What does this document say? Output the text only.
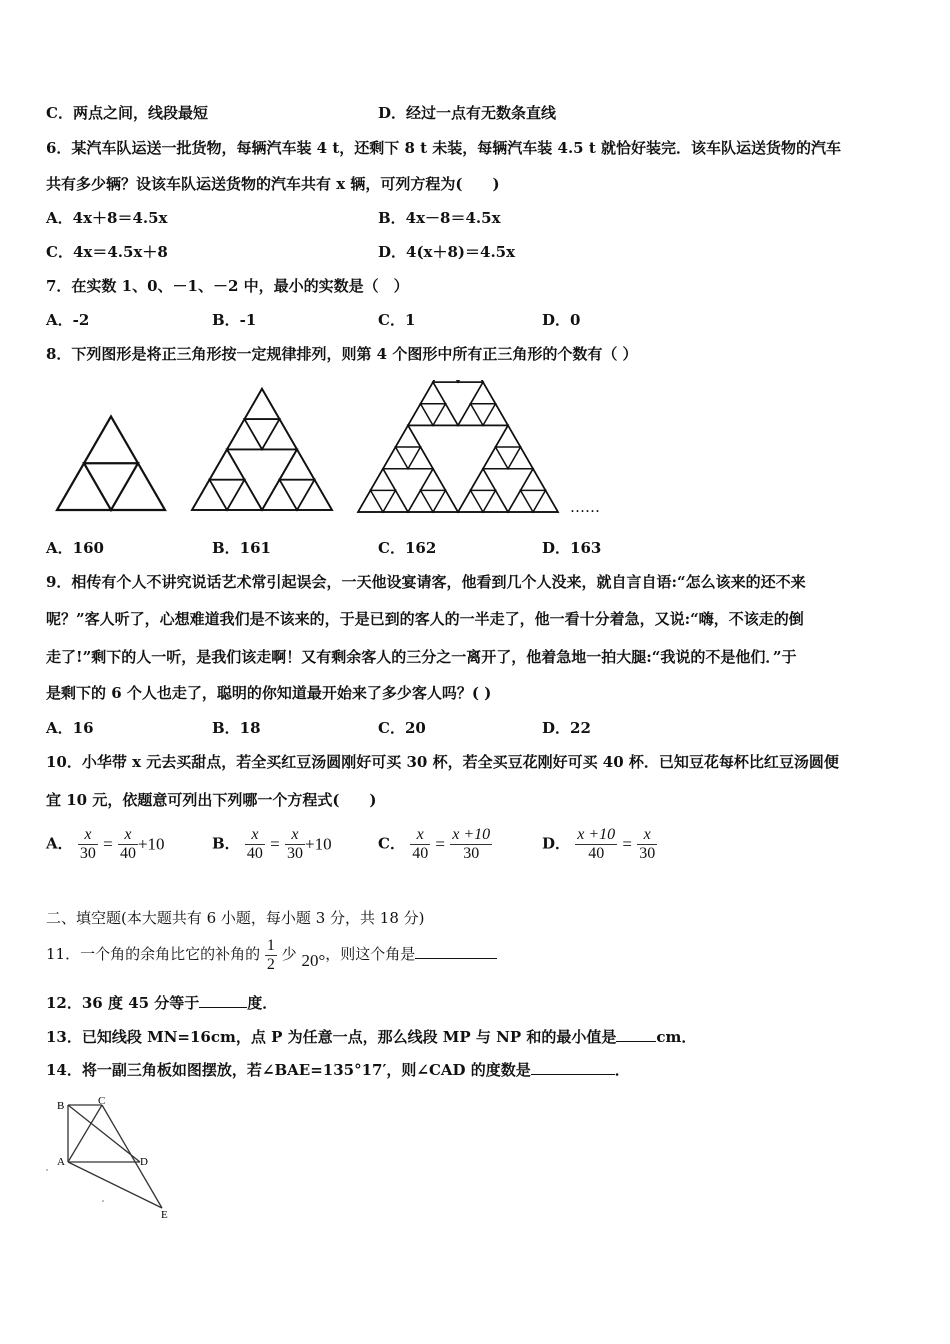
C．两点之间，线段最短	D．经过一点有无数条直线
6．某汽车队运送一批货物，每辆汽车装 4 t，还剩下 8 t 未装，每辆汽车装 4.5 t 就恰好装完．该车队运送货物的汽车
共有多少辆？设该车队运送货物的汽车共有 x 辆，可列方程为(　　)
A．4x＋8＝4.5x	B．4x－8＝4.5x
C．4x＝4.5x＋8	D．4(x＋8)＝4.5x
7．在实数 1、0、－1、－2 中，最小的实数是（　）
A．-2	B．-1	C．1	D．0
8．下列图形是将正三角形按一定规律排列，则第 4 个图形中所有正三角形的个数有（ ）
……
A．160	B．161	C．162	D．163
9．相传有个人不讲究说话艺术常引起误会，一天他设宴请客，他看到几个人没来，就自言自语:“怎么该来的还不来
呢？”客人听了，心想难道我们是不该来的，于是已到的客人的一半走了，他一看十分着急，又说:“嗨，不该走的倒
走了!”剩下的人一听，是我们该走啊！又有剩余客人的三分之一离开了，他着急地一拍大腿:“我说的不是他们．”于
是剩下的 6 个人也走了，聪明的你知道最开始来了多少客人吗？( )
A．16	B．18	C．20	D．22
10．小华带 x 元去买甜点，若全买红豆汤圆刚好可买 30 杯，若全买豆花刚好可买 40 杯．已知豆花每杯比红豆汤圆便
宜 10 元，依题意可列出下列哪一个方程式(　　)
A． $\frac{x}{30} = \frac{x}{40} +10$	B． $\frac{x}{40} = \frac{x}{30} +10$	C． $\frac{x}{40} = \frac{x +10}{30}$	D． $\frac{x +10}{40} = \frac{x}{30}$
二、填空题(本大题共有 6 小题，每小题 3 分，共 18 分)
11．一个角的余角比它的补角的 $\frac{1}{2}$ 少 20°，则这个角是
12．36 度 45 分等于	度．
13．已知线段 MN=16cm，点 P 为任意一点，那么线段 MP 与 NP 和的最小值是	cm．
14．将一副三角板如图摆放，若∠BAE=135°17′，则∠CAD 的度数是	．
B	C
A	D
E
